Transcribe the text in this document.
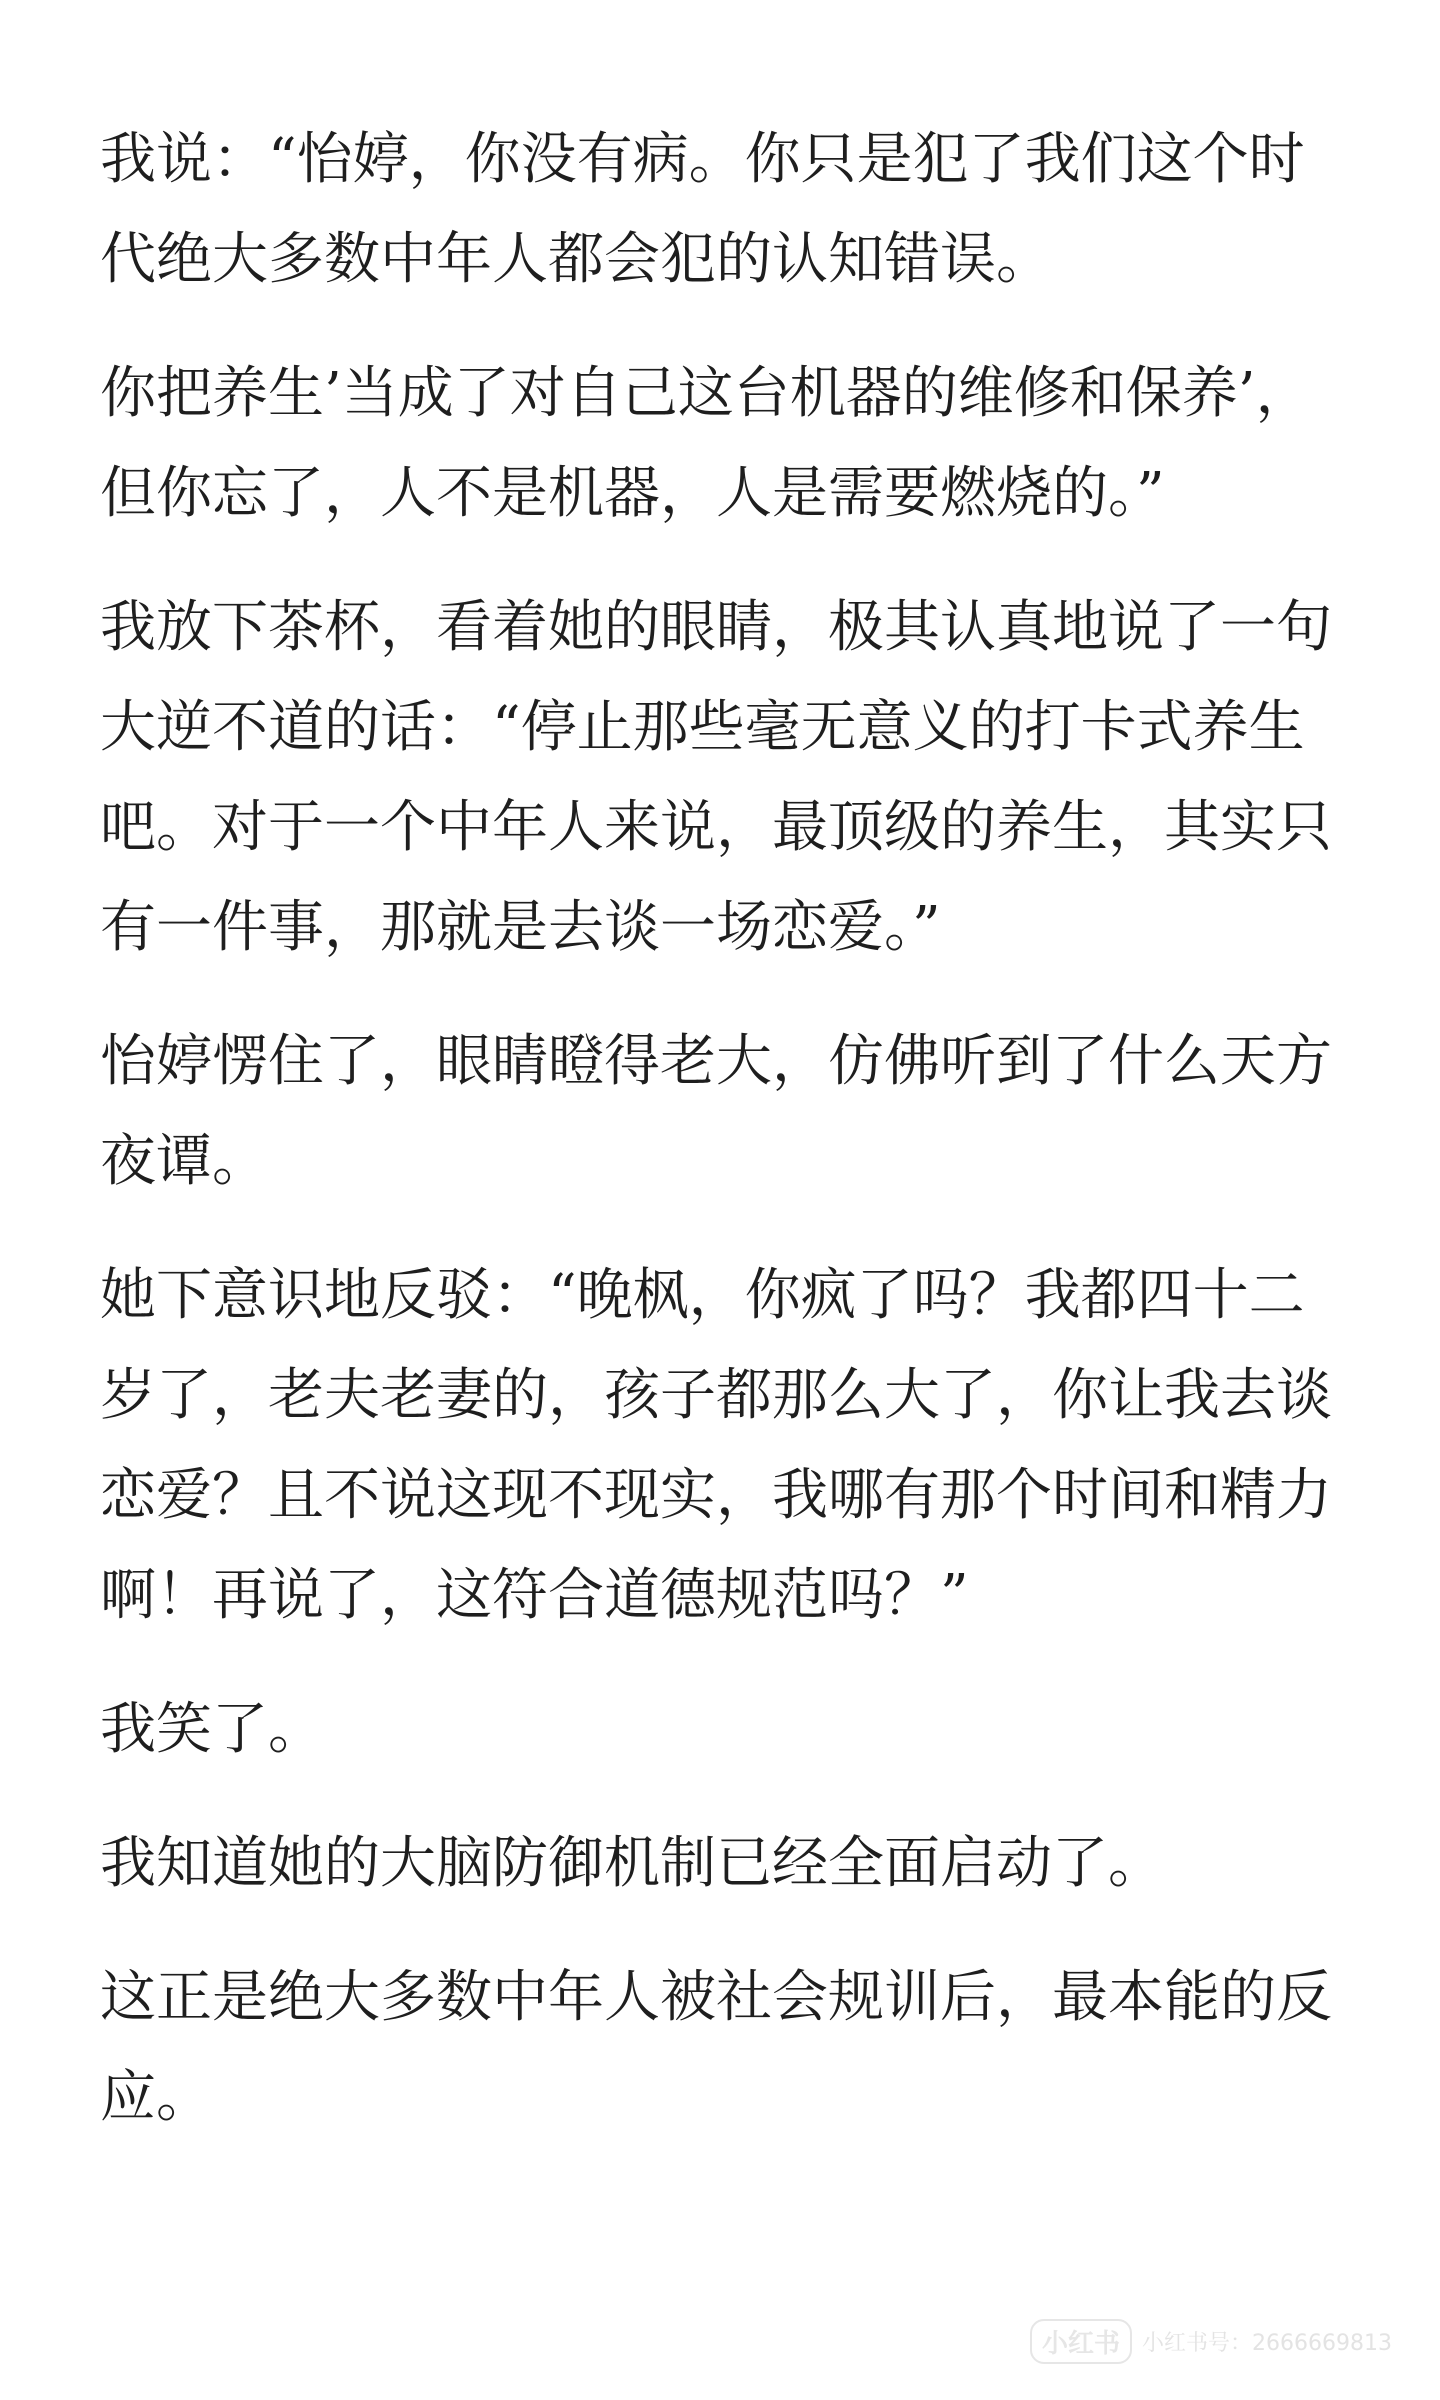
我说：“怡婷，你没有病。你只是犯了我们这个时代绝大多数中年人都会犯的认知错误。

你把养生’当成了对自己这台机器的维修和保养’，但你忘了，人不是机器，人是需要燃烧的。”

我放下茶杯，看着她的眼睛，极其认真地说了一句大逆不道的话：“停止那些毫无意义的打卡式养生吧。对于一个中年人来说，最顶级的养生，其实只有一件事，那就是去谈一场恋爱。”

怡婷愣住了，眼睛瞪得老大，仿佛听到了什么天方夜谭。

她下意识地反驳：“晚枫，你疯了吗？我都四十二岁了，老夫老妻的，孩子都那么大了，你让我去谈恋爱？且不说这现不现实，我哪有那个时间和精力啊！再说了，这符合道德规范吗？”

我笑了。

我知道她的大脑防御机制已经全面启动了。

这正是绝大多数中年人被社会规训后，最本能的反应。

小红书	小红书号：2666669813
